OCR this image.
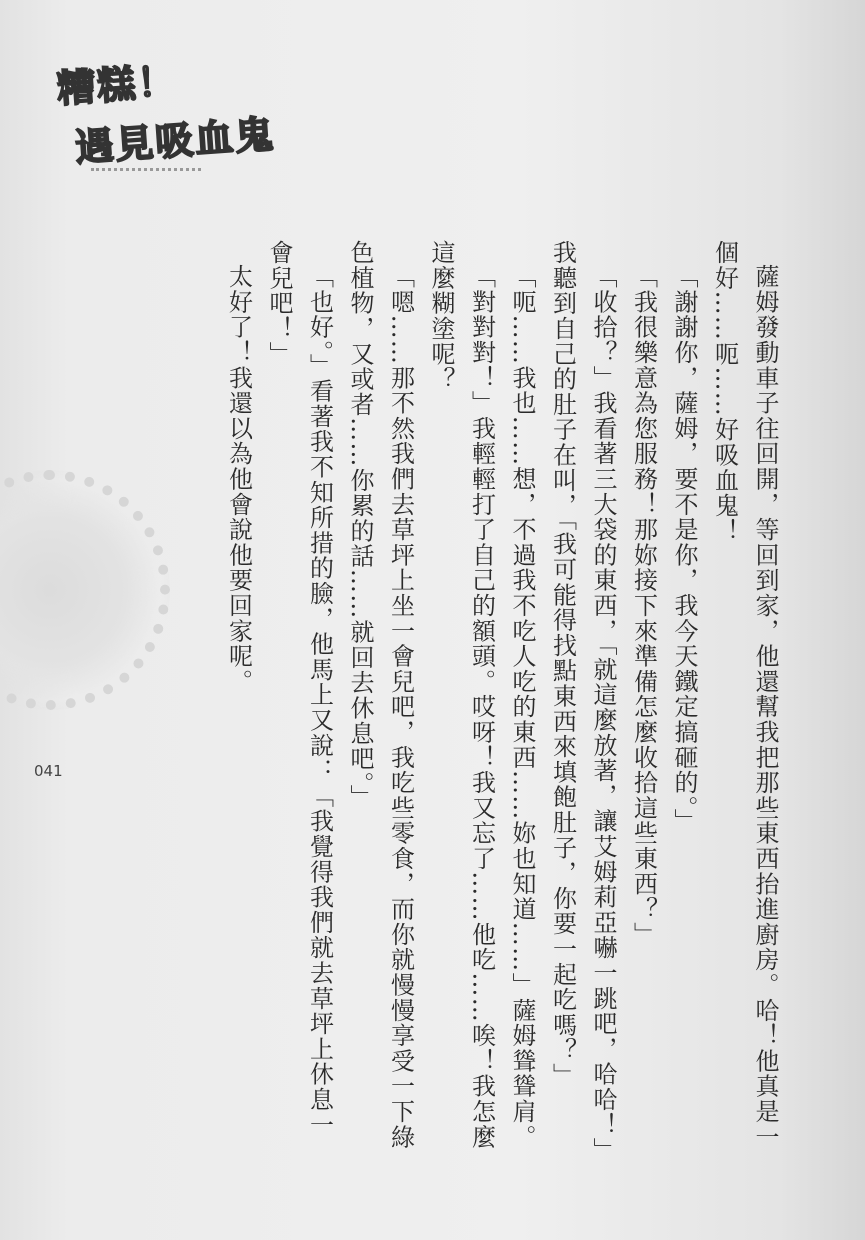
糟糕！
遇見吸血鬼
薩姆發動車子往回開，等回到家，他還幫我把那些東西抬進廚房。哈！他真是一
個好……呃……好吸血鬼！
「謝謝你，薩姆，要不是你，我今天鐵定搞砸的。」
「我很樂意為您服務！那妳接下來準備怎麼收拾這些東西？」
「收拾？」我看著三大袋的東西，「就這麼放著，讓艾姆莉亞嚇一跳吧，哈哈！」
我聽到自己的肚子在叫，「我可能得找點東西來填飽肚子，你要一起吃嗎？」
「呃……我也……想，不過我不吃人吃的東西……妳也知道……」薩姆聳聳肩。
「對對對！」我輕輕打了自己的額頭。哎呀！我又忘了……他吃……唉！我怎麼
這麼糊塗呢？
「嗯……那不然我們去草坪上坐一會兒吧，我吃些零食，而你就慢慢享受一下綠
色植物，又或者……你累的話……就回去休息吧。」
「也好。」看著我不知所措的臉，他馬上又說：「我覺得我們就去草坪上休息一
會兒吧！」
太好了！我還以為他會說他要回家呢。
041
